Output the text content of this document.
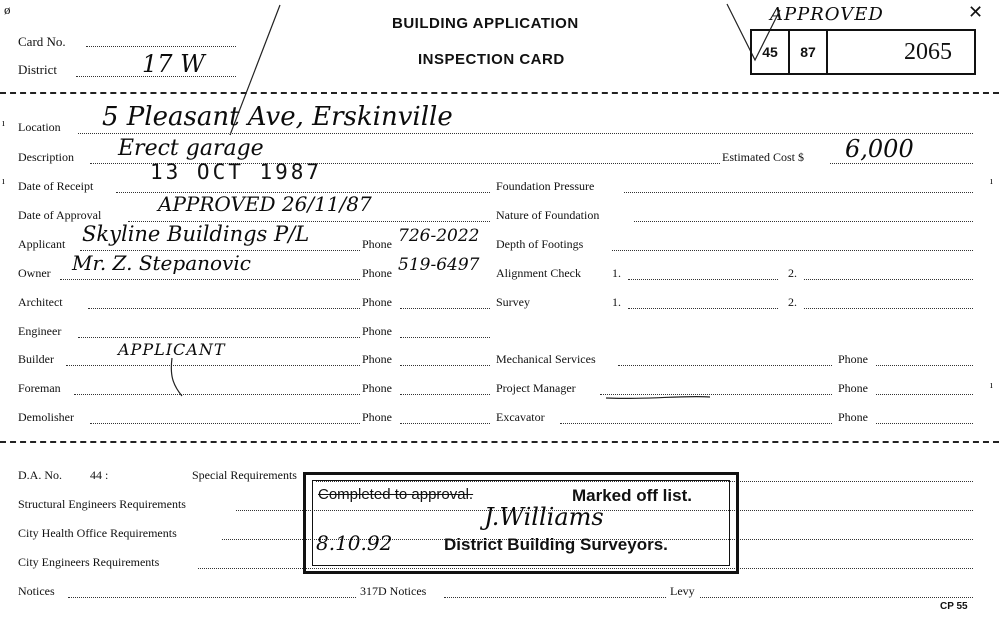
Card No.
District	17 W
BUILDING APPLICATION
INSPECTION CARD
APPROVED
45	87	2065
✕
ø
Location 5 Pleasant Ave, Erskinville
Description Erect garage	Estimated Cost $ 6,000
Date of Receipt
13 OCT 1987
Date of Approval	APPROVED 26/11/87
Applicant Skyline Buildings P/L	Phone 726-2022
Owner Mr. Z. Stepanovic	Phone 519-6497
Architect	Phone
Engineer	Phone
Builder	APPLICANT	Phone
Foreman	Phone
Demolisher	Phone
Foundation Pressure
Nature of Foundation
Depth of Footings
Alignment Check	1.	2.
Survey	1.	2.
Mechanical Services	Phone
Project Manager	Phone
Excavator	Phone
D.A. No. 44 :	Special Requirements
Structural Engineers Requirements
City Health Office Requirements
City Engineers Requirements
Notices	317D Notices	Levy
CP 55
Completed to approval.	Marked off list.
J.Williams
8.10.92	District Building Surveyors.
ı
ı	ı
ı
